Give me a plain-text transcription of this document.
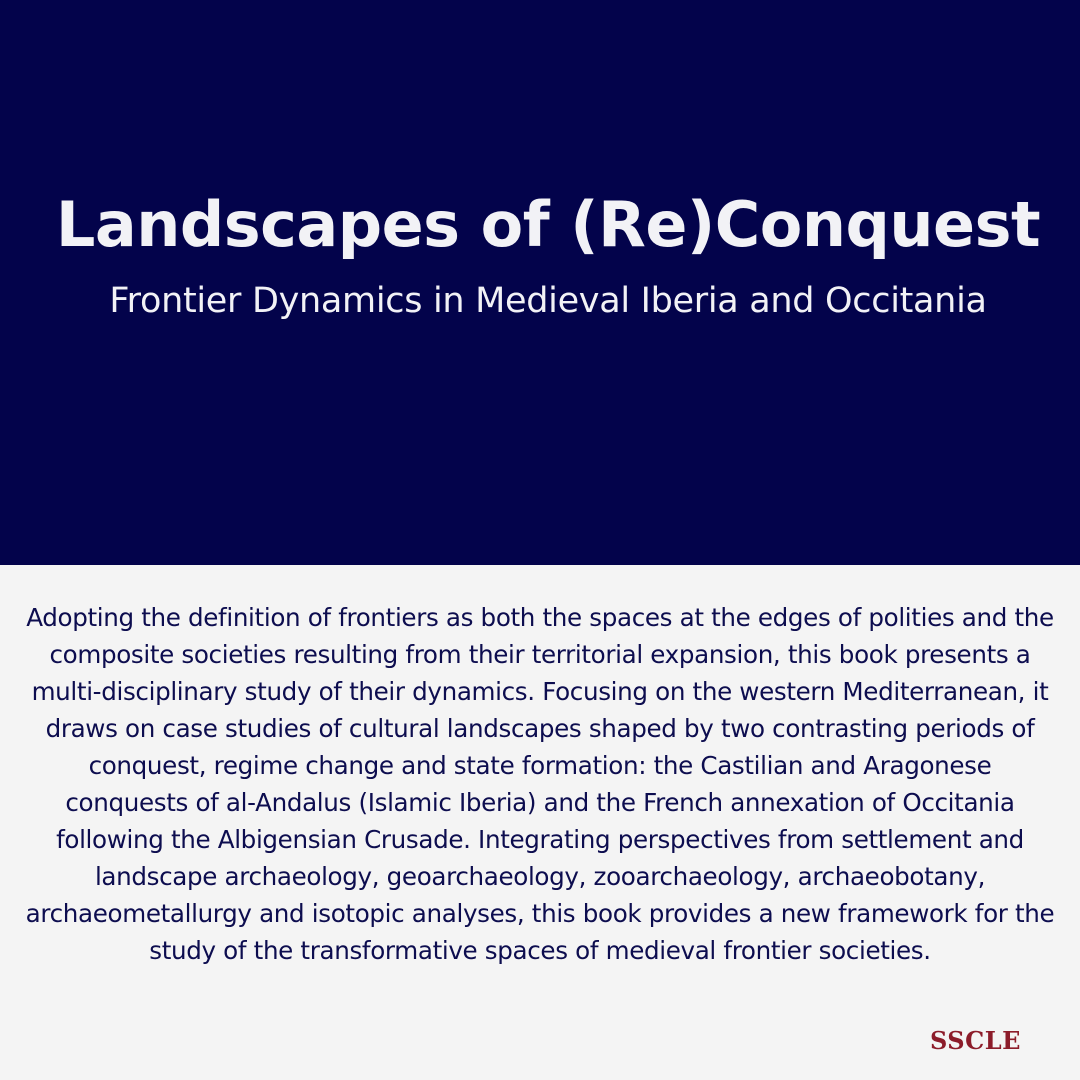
Landscapes of (Re)Conquest
Frontier Dynamics in Medieval Iberia and Occitania

Adopting the definition of frontiers as both the spaces at the edges of polities and the composite societies resulting from their territorial expansion, this book presents a multi-disciplinary study of their dynamics. Focusing on the western Mediterranean, it draws on case studies of cultural landscapes shaped by two contrasting periods of conquest, regime change and state formation: the Castilian and Aragonese conquests of al-Andalus (Islamic Iberia) and the French annexation of Occitania following the Albigensian Crusade. Integrating perspectives from settlement and landscape archaeology, geoarchaeology, zooarchaeology, archaeobotany, archaeometallurgy and isotopic analyses, this book provides a new framework for the study of the transformative spaces of medieval frontier societies.

SSCLE
